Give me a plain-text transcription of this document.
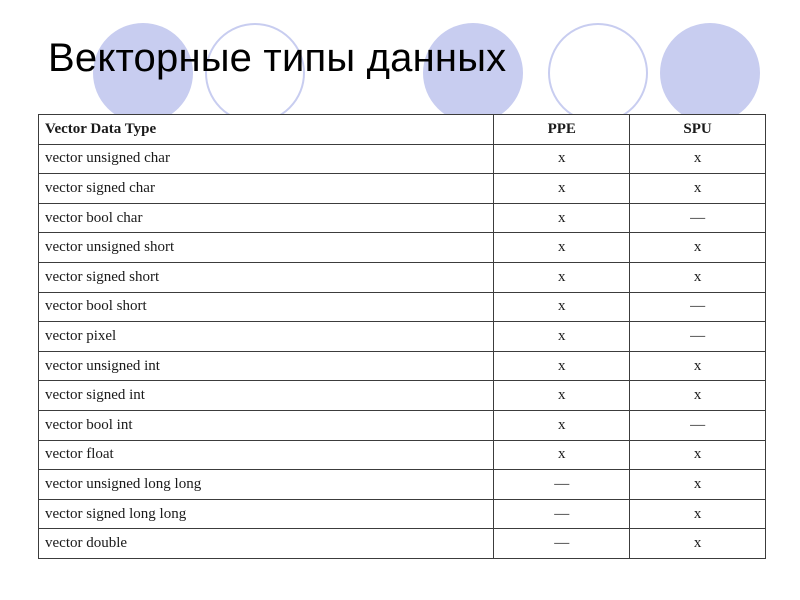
Векторные типы данных
Vector Data Type	PPE	SPU
vector unsigned char	x	x
vector signed char	x	x
vector bool char	x	—
vector unsigned short	x	x
vector signed short	x	x
vector bool short	x	—
vector pixel	x	—
vector unsigned int	x	x
vector signed int	x	x
vector bool int	x	—
vector float	x	x
vector unsigned long long	—	x
vector signed long long	—	x
vector double	—	x
